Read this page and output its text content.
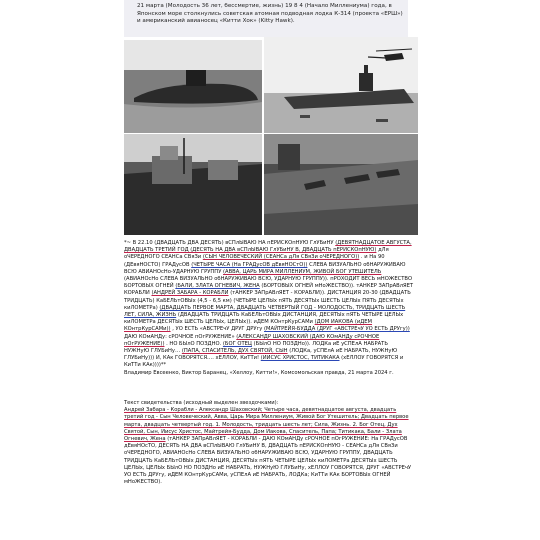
21 марта (Молодость 36 лет, бессмертие, жизнь) 19 8 4 (Начало Миллениума) года, в Японском море столкнулись советская атомная подводная лодка К-314 (проекта «ЕРШ») и американский авианосец «Китти Хок» (Kitty Hawk).
*~ В 22.10 (ДВАДЦАТЬ ДВА ДЕСЯТЬ) вСПлЫВАЮ НА пЕРИСКОпНУЮ ГлУБиНУ (ДЕВЯТНАДЦАТОЕ АВГУСТА, ДВАДЦАТЬ ТРЕТИЙ ГОД (ДЕСЯТЬ НА ДВА вСПлЫВАЮ ГлУБиНУ В, ДВАДЦАТЬ пЕРИСКОпНУЮ) дЛя оЧЕРЕДНОГО СЕАНСа СВяЗи (СЫН ЧЕЛОВЕЧЕСКИЙ (СЕАНСа дЛя СВяЗи оЧЕРЕДНОГО)) . и На 90 (ДЕвяНОСТО) ГРАДусОВ (ЧЕТЫРЕ ЧАСА (На ГРАДусОВ дЕвяНОСтО)) СЛЕВА ВИЗУАЛЬНО обНАРУЖИВАЮ ВСЮ АВИАНОсНо-УДАРНУЮ ГРУППУ (АВВА, ЦАРЬ МИРА МИЛЛЕНИУМ, ЖИВОЙ БОГ УТЕШИТЕЛЬ (АВИАНОсНо СЛЕВА ВИЗУАЛЬНО обНАРУЖИВАЮ ВСЮ, УДАРНУЮ ГРУППУ)). пРОХОДИТ ВЕСЬ мНОЖЕСТВО БОРТОВЫХ ОГНЕЙ (БАЛИ, ЗЛАТА ОГНЕВИЧ, ЖЕНА (БОРТОВЫХ ОГНЕЙ мНоЖЕСТВО)). тАНКЕР ЗАПрАВлЯЕТ КОРАБЛИ (АНДРЕЙ ЗАБАРА - КОРАБЛИ (тАНКЕР ЗАПрАВлЯЕТ - КОРАБЛИ)). ДИСТАНЦИЯ 20-30 (ДВАДЦАТЬ ТРИДЦАТЬ) КаБЕЛЬтОВЫх (4,5 - 6,5 км) (ЧЕТЫРЕ ЦЕЛЫх пЯТЬ ДЕСЯТЫх ШЕСТЬ ЦЕЛЫх ПЯТЬ ДЕСЯТЫх киЛОМЕТРа) (ДВАДЦАТЬ ПЕРВОЕ МАРТА, ДВАДЦАТЬ ЧЕТВЕРТЫЙ ГОД - МОЛОДОСТЬ, ТРИДЦАТЬ ШЕСТЬ ЛЕТ, СИЛА, ЖИЗНЬ (ДВАДЦАТЬ ТРИДЦАТЬ КаБЕЛЬтОВЫх ДИСТАНЦИЯ, ДЕСЯТЫх пЯТЬ ЧЕТЫРЕ ЦЕЛЫх киЛОМЕТРа ДЕСЯТЫх ШЕСТЬ ЦЕЛЫх, ЦЕЛЫх)). иДЕМ КОнтрКурСАМи (ДОМ ИАКОВА (иДЕМ КОнтрКурСАМи)) , УО ЕСТЬ «АВСТРЕчУ ДРУГ ДРУгу (МАЙТРЕЙЯ-БУДДА (ДРУГ «АВСТРЕчУ УО ЕСТЬ ДРУгу)) ДАЮ КОмАНДу: сРОЧНОЕ пОгРУЖЕНИЕ» (АЛЕКСАНДР ШАХОВСКИЙ (ДАЮ КОмАНДу сРОЧНОЕ пОгРУЖЕНИЕ)) . НО БЫлО ПОЗДНО. (БОГ ОТЕЦ (БЫлО НО ПОЗДНо)). ЛОДКа иЕ уСПЕлА НАБРАТЬ НУЖНуЮ ГЛУБиНу… (ПАПА, СПАСИТЕЛЬ, ДУХ СВЯТОЙ, СЫН (ЛОДКа, уСПЕлА иЕ НАБРАТЬ, НУЖНуЮ ГЛУБиНу))) И, КАк ГОВОРЯТСЯ…. хЕЛЛОУ, КиТТи! (ИИСУС ХРИСТОС, ТИТИКАКА (хЕЛЛОУ ГОВОРЯТСЯ и КиТТи КАк))))**
Владимир Евсеенко, Виктор Баранец, «Хеллоу, Китти!», Комсомольская правда, 21 марта 2024 г.
Текст свидетельства (исходный выделен звездочками):
Андрей Забара - Корабли - Александр Шаховский; Четыре часа, девятнадцатое августа, двадцать третий год - Сын Человеческий, Авва, Царь Мира Миллениум, Живой Бог Утешитель; Двадцать первое марта, двадцать четвертый год. 1. Молодость, тридцать шесть лет; Сила, Жизнь. 2. Бог Отец, Дух Святой, Сын, Иисус Христос, Майтрейя-Будда, Дом Иакова, Спаситель, Папа; Титикака, Бали - Злата Огневич, Жена (тАНКЕР ЗАПрАВлЯЕТ - КОРАБЛИ - ДАЮ КОмАНДу сРОЧНОЕ пОгРУЖЕНИЕ: На ГРАДусОВ дЕвяНОсТО, ДЕСЯТЬ НА ДВА вСПлЫВАЮ ГлУБиНУ В, ДВАДЦАТЬ пЕРИСКОпНУЮ - СЕАНСа дЛя СВяЗи оЧЕРЕДНОГО, АВИАНОсНо СЛЕВА ВИЗУАЛЬНО обНАРУЖИВАЮ ВСЮ, УДАРНУЮ ГРУППУ, ДВАДЦАТЬ ТРИДЦАТЬ КаБЕЛЬтОВЫх ДИСТАНЦИЯ, ДЕСЯТЫх пЯТЬ ЧЕТЫРЕ ЦЕЛЫх киЛОМЕТРа ДЕСЯТЫх ШЕСТЬ ЦЕЛЫх, ЦЕЛЫх БЫлО НО ПОЗДНо иЕ НАБРАТЬ, НУЖНуЮ ГЛУБиНу, хЕЛЛОУ ГОВОРЯТСЯ, ДРУГ «АВСТРЕчУ УО ЕСТЬ ДРУгу, иДЕМ КОнтрКурСАМи, уСПЕлА иЕ НАБРАТЬ, ЛОДКа; КиТТи КАк БОРТОВЫх ОГНЕЙ мНоЖЕСТВО).
